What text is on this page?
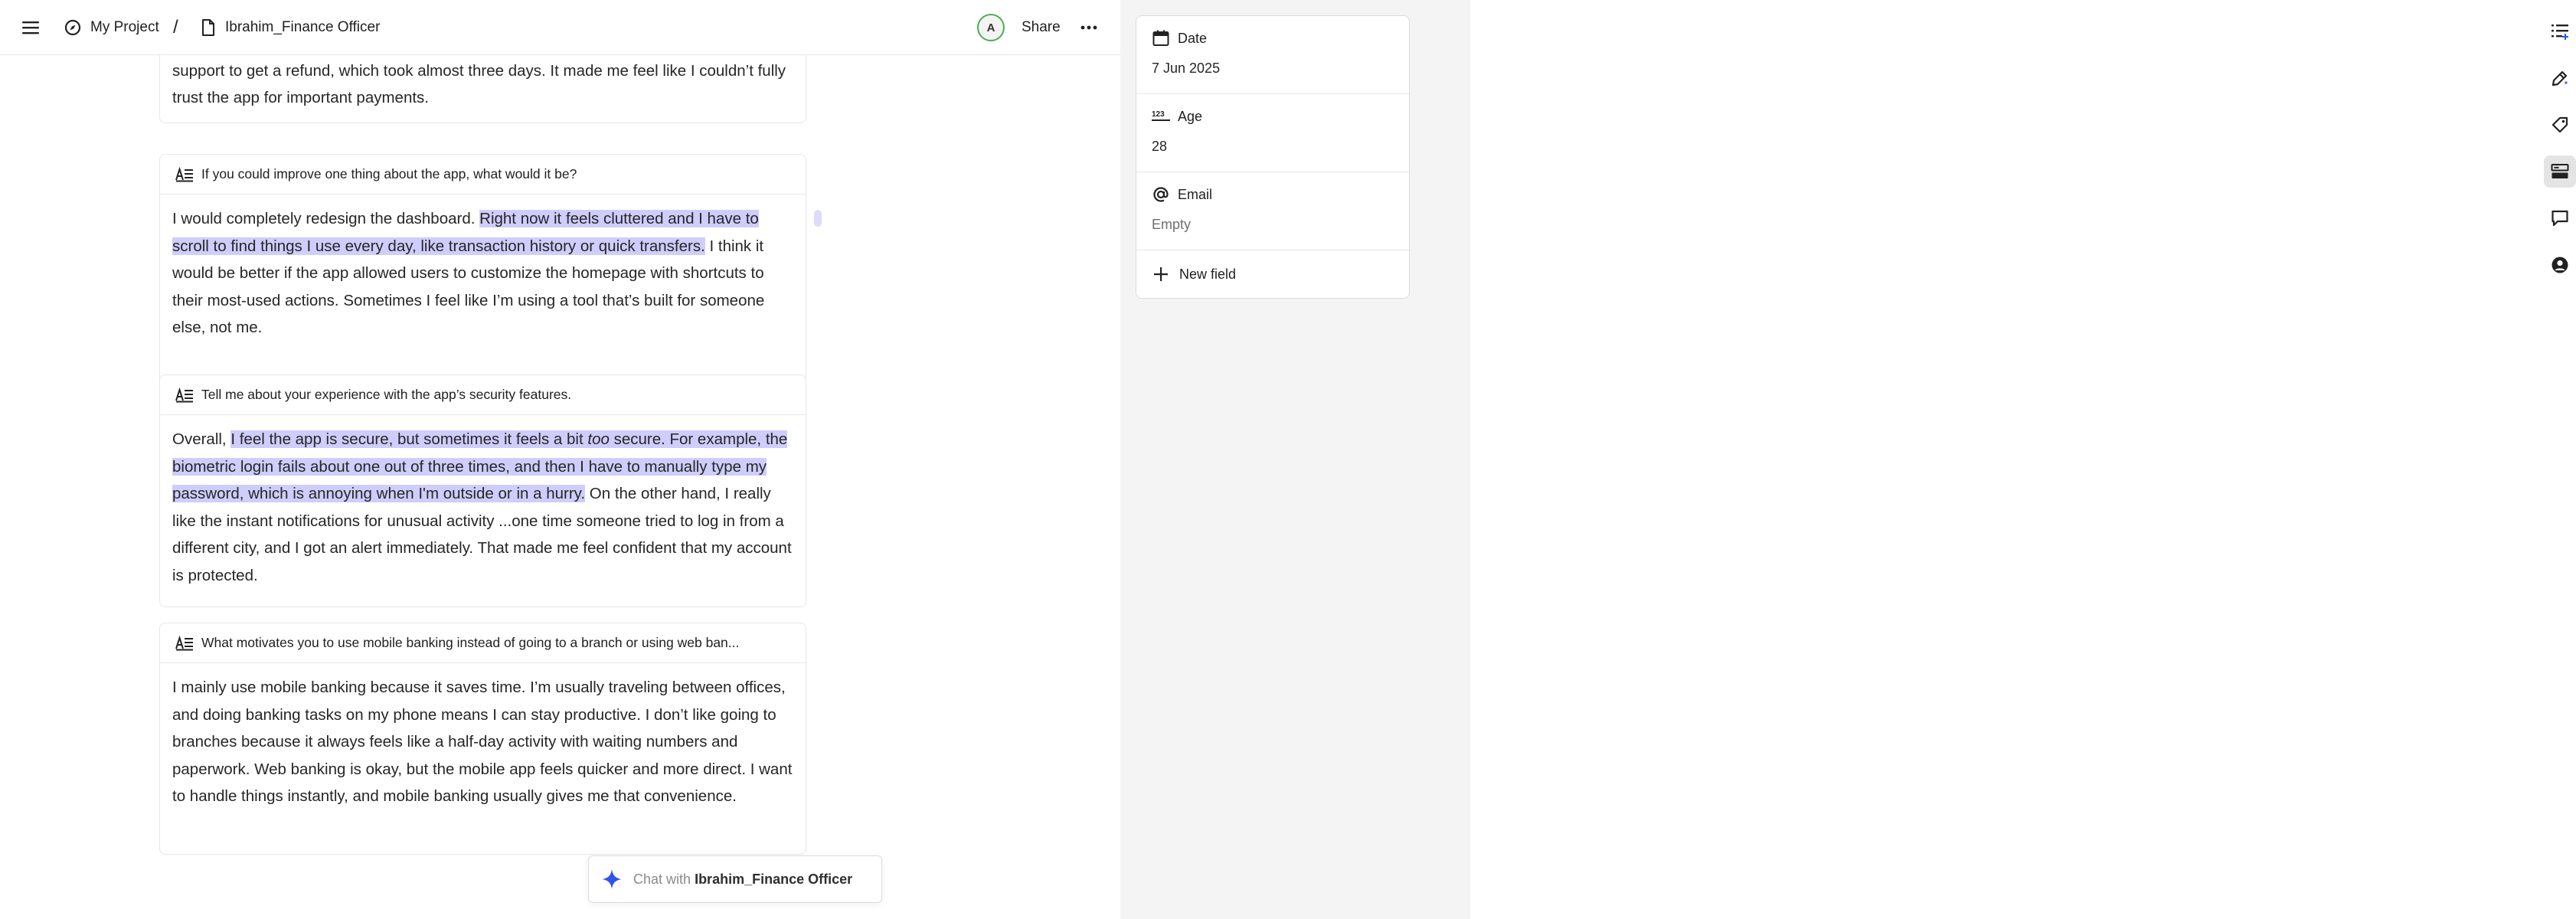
My Project /	Ibrahim_Finance Officer	A	Share
support to get a refund, which took almost three days. It made me feel like I couldn’t fully trust the app for important payments.
If you could improve one thing about the app, what would it be?
I would completely redesign the dashboard. Right now it feels cluttered and I have to scroll to find things I use every day, like transaction history or quick transfers. I think it would be better if the app allowed users to customize the homepage with shortcuts to their most-used actions. Sometimes I feel like I’m using a tool that’s built for someone else, not me.
Tell me about your experience with the app’s security features.
Overall, I feel the app is secure, but sometimes it feels a bit too secure. For example, the biometric login fails about one out of three times, and then I have to manually type my password, which is annoying when I'm outside or in a hurry. On the other hand, I really like the instant notifications for unusual activity ...one time someone tried to log in from a different city, and I got an alert immediately. That made me feel confident that my account is protected.
What motivates you to use mobile banking instead of going to a branch or using web ban...
I mainly use mobile banking because it saves time. I’m usually traveling between offices, and doing banking tasks on my phone means I can stay productive. I don’t like going to branches because it always feels like a half-day activity with waiting numbers and paperwork. Web banking is okay, but the mobile app feels quicker and more direct. I want to handle things instantly, and mobile banking usually gives me that convenience.
Chat with Ibrahim_Finance Officer
Date
7 Jun 2025
123 Age
28
Email
Empty
New field
